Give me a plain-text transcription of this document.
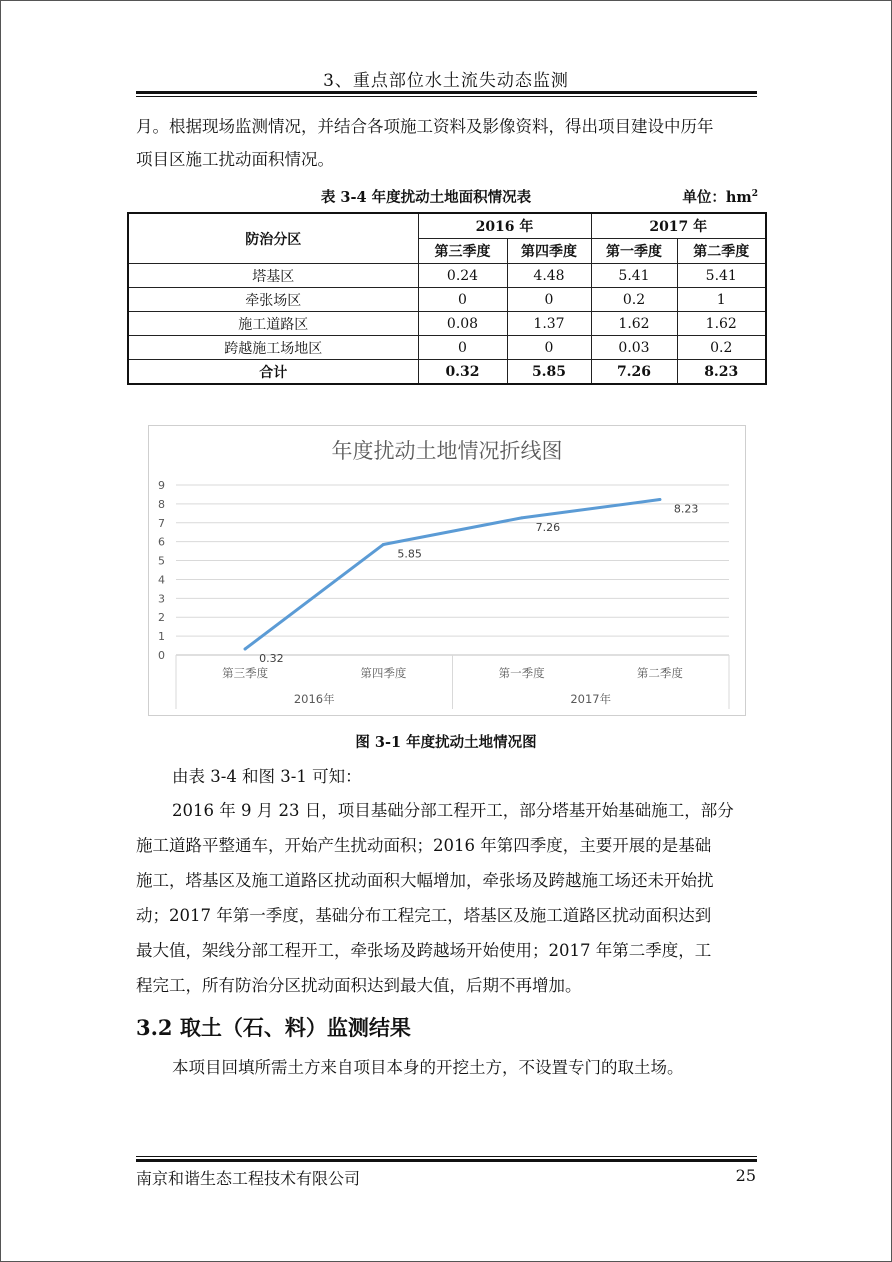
3、重点部位水土流失动态监测
月。根据现场监测情况，并结合各项施工资料及影像资料，得出项目建设中历年
项目区施工扰动面积情况。
表 3-4 年度扰动土地面积情况表	单位：$hm^2$
防治分区	2016 年		2017 年	
	第三季度	第四季度	第一季度	第二季度
塔基区	0.24	4.48	5.41	5.41
牵张场区	0	0	0.2	1
施工道路区	0.08	1.37	1.62	1.62
跨越施工场地区	0	0	0.03	0.2
合计	0.32	5.85	7.26	8.23
年度扰动土地情况折线图
0
1
2
3
4
5
6
7
8
9
2016年	2017年
第三季度	第四季度	第一季度	第二季度
0.32
5.85
7.26
8.23
图 3-1 年度扰动土地情况图
由表 3-4 和图 3-1 可知：
2016 年 9 月 23 日，项目基础分部工程开工，部分塔基开始基础施工，部分
施工道路平整通车，开始产生扰动面积；2016 年第四季度，主要开展的是基础
施工，塔基区及施工道路区扰动面积大幅增加，牵张场及跨越施工场还未开始扰
动；2017 年第一季度，基础分布工程完工，塔基区及施工道路区扰动面积达到
最大值，架线分部工程开工，牵张场及跨越场开始使用；2017 年第二季度，工
程完工，所有防治分区扰动面积达到最大值，后期不再增加。
3.2 取土（石、料）监测结果
本项目回填所需土方来自项目本身的开挖土方，不设置专门的取土场。
南京和谐生态工程技术有限公司	25
